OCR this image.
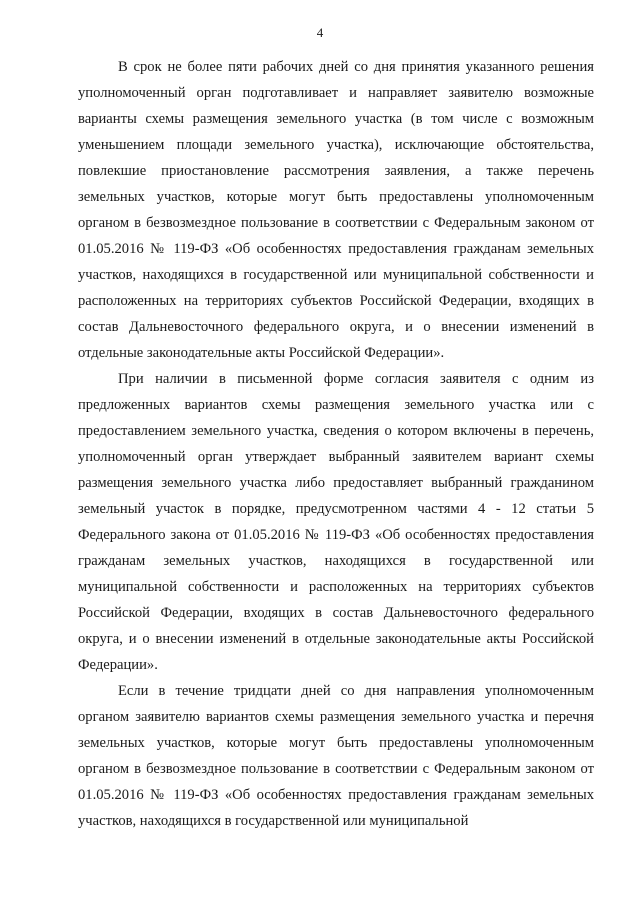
4

В срок не более пяти рабочих дней со дня принятия указанного решения уполномоченный орган подготавливает и направляет заявителю возможные варианты схемы размещения земельного участка (в том числе с возможным уменьшением площади земельного участка), исключающие обстоятельства, повлекшие приостановление рассмотрения заявления, а также перечень земельных участков, которые могут быть предоставлены уполномоченным органом в безвозмездное пользование в соответствии с Федеральным законом от 01.05.2016 № 119-ФЗ «Об особенностях предоставления гражданам земельных участков, находящихся в государственной или муниципальной собственности и расположенных на территориях субъектов Российской Федерации, входящих в состав Дальневосточного федерального округа, и о внесении изменений в отдельные законодательные акты Российской Федерации».

При наличии в письменной форме согласия заявителя с одним из предложенных вариантов схемы размещения земельного участка или с предоставлением земельного участка, сведения о котором включены в перечень, уполномоченный орган утверждает выбранный заявителем вариант схемы размещения земельного участка либо предоставляет выбранный гражданином земельный участок в порядке, предусмотренном частями 4 - 12 статьи 5 Федерального закона от 01.05.2016 № 119-ФЗ «Об особенностях предоставления гражданам земельных участков, находящихся в государственной или муниципальной собственности и расположенных на территориях субъектов Российской Федерации, входящих в состав Дальневосточного федерального округа, и о внесении изменений в отдельные законодательные акты Российской Федерации».

Если в течение тридцати дней со дня направления уполномоченным органом заявителю вариантов схемы размещения земельного участка и перечня земельных участков, которые могут быть предоставлены уполномоченным органом в безвозмездное пользование в соответствии с Федеральным законом от 01.05.2016 № 119-ФЗ «Об особенностях предоставления гражданам земельных участков, находящихся в государственной или муниципальной
